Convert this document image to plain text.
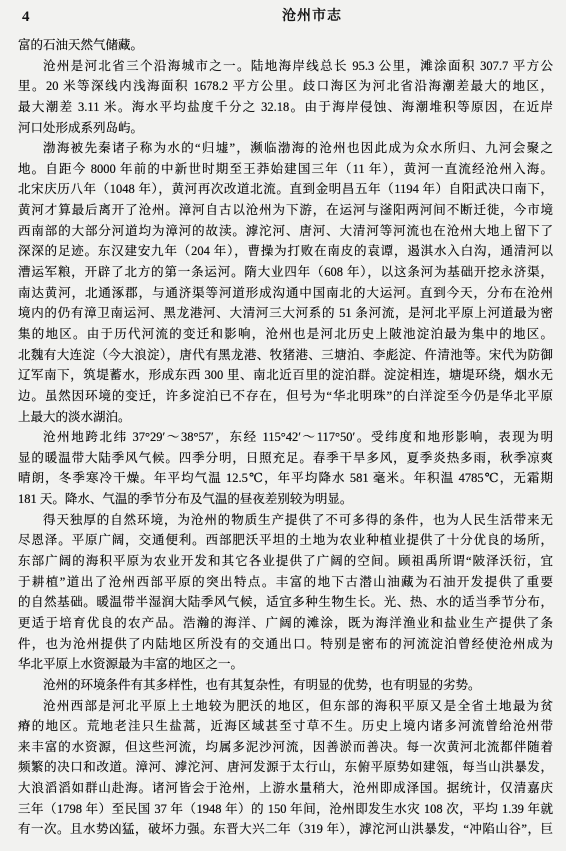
4	沧州市志
富的石油天然气储藏。
沧州是河北省三个沿海城市之一。陆地海岸线总长 95.3 公里，滩涂面积 307.7 平方公
里。20 米等深线内浅海面积 1678.2 平方公里。歧口海区为河北省沿海潮差最大的地区，
最大潮差 3.11 米。海水平均盐度千分之 32.18。由于海岸侵蚀、海潮堆积等原因，在近岸
河口处形成系列岛屿。
渤海被先秦诸子称为水的“归墟”，濒临渤海的沧州也因此成为众水所归、九河会聚之
地。自距今 8000 年前的中新世时期至王莽始建国三年（11 年），黄河一直流经沧州入海。
北宋庆历八年（1048 年），黄河再次改道北流。直到金明昌五年（1194 年）自阳武决口南下，
黄河才算最后离开了沧州。漳河自古以沧州为下游，在运河与滏阳两河间不断迁徙，今市境
西南部的大部分河道均为漳河的故渎。滹沱河、唐河、大清河等河流也在沧州大地上留下了
深深的足迹。东汉建安九年（204 年），曹操为打败在南皮的袁谭，遏淇水入白沟，通清河以
漕运军粮，开辟了北方的第一条运河。隋大业四年（608 年），以这条河为基础开挖永济渠，
南达黄河，北通涿郡，与通济渠等河道形成沟通中国南北的大运河。直到今天，分布在沧州
境内的仍有漳卫南运河、黑龙港河、大清河三大河系的 51 条河流，是河北平原上河道最为密
集的地区。由于历代河流的变迁和影响，沧州也是河北历史上陂池淀泊最为集中的地区。
北魏有大连淀（今大浪淀），唐代有黑龙港、牧猪港、三塘泊、李彪淀、仵清池等。宋代为防御
辽军南下，筑堤蓄水，形成东西 300 里、南北近百里的淀泊群。淀淀相连，塘堤环绕，烟水无
边。虽然因环境的变迁，许多淀泊已不存在，但号为“华北明珠”的白洋淀至今仍是华北平原
上最大的淡水湖泊。
沧州地跨北纬 37°29′～38°57′，东经 115°42′～117°50′。受纬度和地形影响，表现为明
显的暖温带大陆季风气候。四季分明，日照充足。春季干旱多风，夏季炎热多雨，秋季凉爽
晴朗，冬季寒冷干燥。年平均气温 12.5℃，年平均降水 581 毫米。年积温 4785℃，无霜期
181 天。降水、气温的季节分布及气温的昼夜差别较为明显。
得天独厚的自然环境，为沧州的物质生产提供了不可多得的条件，也为人民生活带来无
尽恩泽。平原广阔，交通便利。西部肥沃平坦的土地为农业种植业提供了十分优良的场所，
东部广阔的海积平原为农业开发和其它各业提供了广阔的空间。顾祖禹所谓“陂泽沃衍，宜
于耕植”道出了沧州西部平原的突出特点。丰富的地下古潜山油藏为石油开发提供了重要
的自然基础。暖温带半湿润大陆季风气候，适宜多种生物生长。光、热、水的适当季节分布，
更适于培育优良的农产品。浩瀚的海洋、广阔的滩涂，既为海洋渔业和盐业生产提供了条
件，也为沧州提供了内陆地区所没有的交通出口。特别是密布的河流淀泊曾经使沧州成为
华北平原上水资源最为丰富的地区之一。
沧州的环境条件有其多样性，也有其复杂性，有明显的优势，也有明显的劣势。
沧州西部是河北平原上土地较为肥沃的地区，但东部的海积平原又是全省土地最为贫
瘠的地区。荒地老洼只生盐蒿，近海区域甚至寸草不生。历史上境内诸多河流曾给沧州带
来丰富的水资源，但这些河流，均属多泥沙河流，因善淤而善决。每一次黄河北流都伴随着
频繁的决口和改道。漳河、滹沱河、唐河发源于太行山，东俯平原势如建瓴，每当山洪暴发，
大浪滔滔如群山赴海。诸河皆会于沧州，上游水量稍大，沧州即成泽国。据统计，仅清嘉庆
三年（1798 年）至民国 37 年（1948 年）的 150 年间，沧州即发生水灾 108 次，平均 1.39 年就
有一次。且水势凶猛，破坏力强。东晋大兴二年（319 年），滹沱河山洪暴发，“冲陷山谷”，巨
